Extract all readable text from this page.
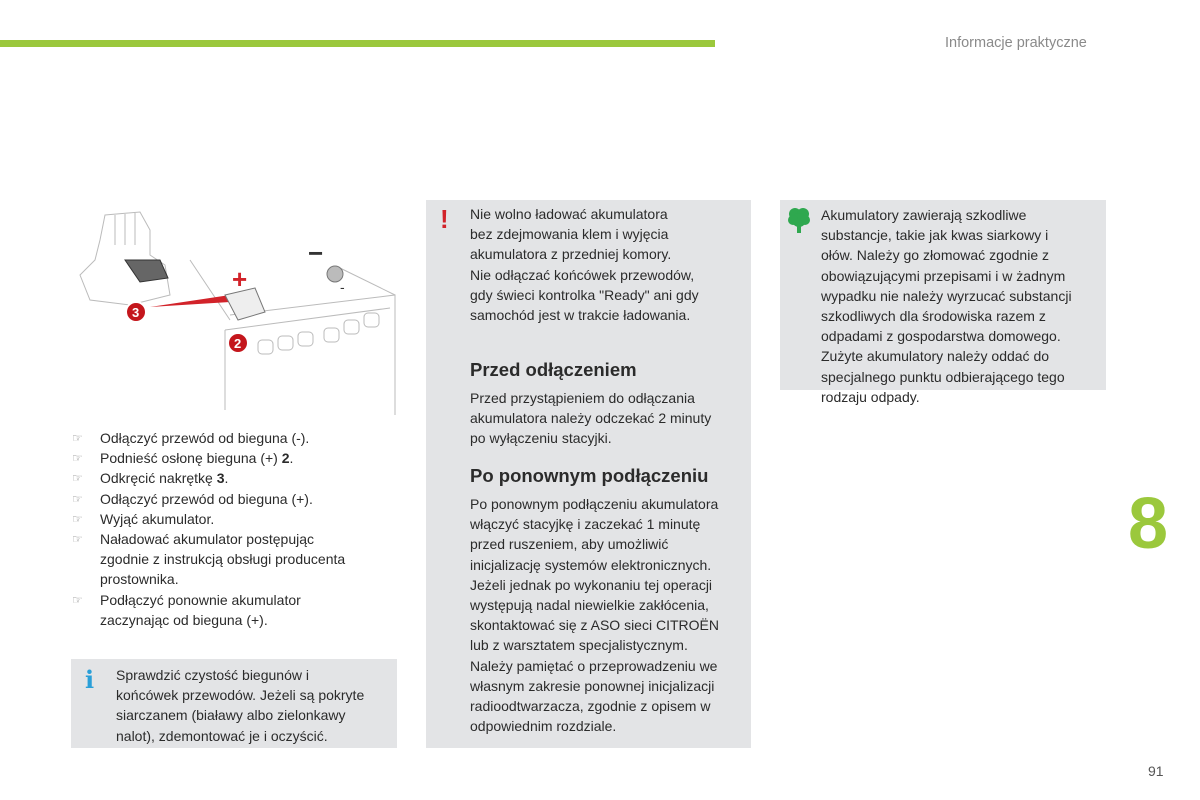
Informacje praktyczne
8
91
+
−
-
3
2
☞ Odłączyć przewód od bieguna (-).
☞ Podnieść osłonę bieguna (+) 2.
☞ Odkręcić nakrętkę 3.
☞ Odłączyć przewód od bieguna (+).
☞ Wyjąć akumulator.
☞ Naładować akumulator postępując
zgodnie z instrukcją obsługi producenta
prostownika.
☞ Podłączyć ponownie akumulator
zaczynając od bieguna (+).
i Sprawdzić czystość biegunów i
końcówek przewodów. Jeżeli są pokryte
siarczanem (białawy albo zielonkawy
nalot), zdemontować je i oczyścić.
! Nie wolno ładować akumulatora
bez zdejmowania klem i wyjęcia
akumulatora z przedniej komory.
Nie odłączać końcówek przewodów,
gdy świeci kontrolka "Ready" ani gdy
samochód jest w trakcie ładowania.
Przed odłączeniem
Przed przystąpieniem do odłączania
akumulatora należy odczekać 2 minuty
po wyłączeniu stacyjki.
Po ponownym podłączeniu
Po ponownym podłączeniu akumulatora
włączyć stacyjkę i zaczekać 1 minutę
przed ruszeniem, aby umożliwić
inicjalizację systemów elektronicznych.
Jeżeli jednak po wykonaniu tej operacji
występują nadal niewielkie zakłócenia,
skontaktować się z ASO sieci CITROËN
lub z warsztatem specjalistycznym.
Należy pamiętać o przeprowadzeniu we
własnym zakresie ponownej inicjalizacji
radioodtwarzacza, zgodnie z opisem w
odpowiednim rozdziale.
Akumulatory zawierają szkodliwe
substancje, takie jak kwas siarkowy i
ołów. Należy go złomować zgodnie z
obowiązującymi przepisami i w żadnym
wypadku nie należy wyrzucać substancji
szkodliwych dla środowiska razem z
odpadami z gospodarstwa domowego.
Zużyte akumulatory należy oddać do
specjalnego punktu odbierającego tego
rodzaju odpady.
